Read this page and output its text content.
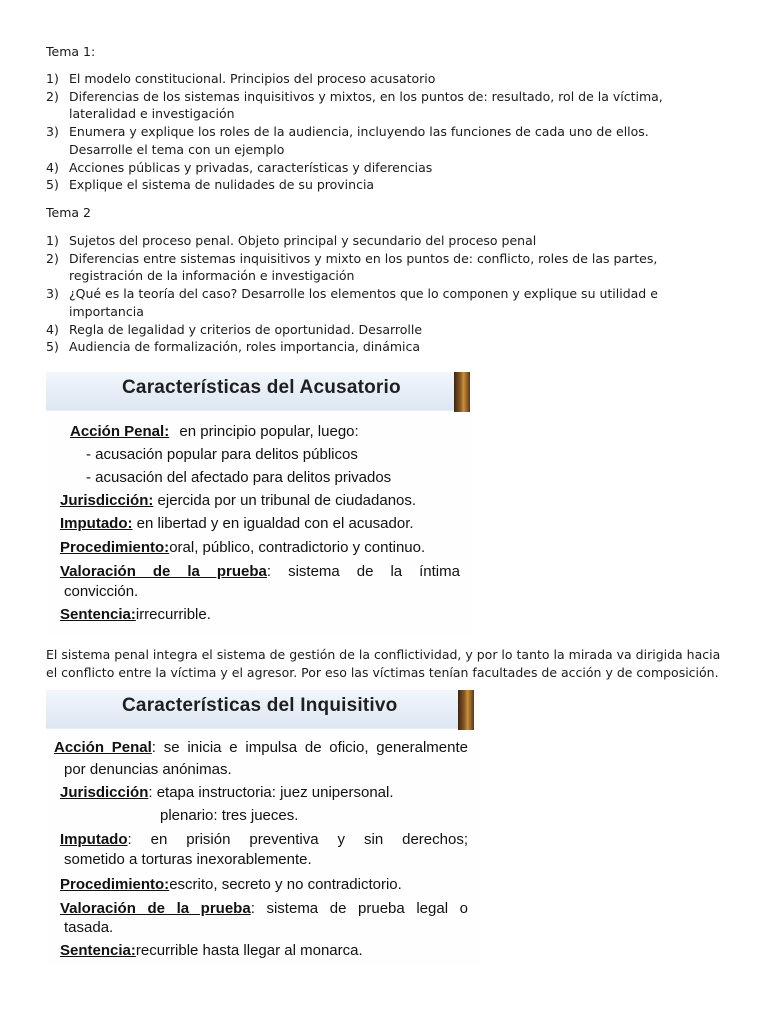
Tema 1:
1) El modelo constitucional. Principios del proceso acusatorio
2) Diferencias de los sistemas inquisitivos y mixtos, en los puntos de: resultado, rol de la víctima, lateralidad e investigación
3) Enumera y explique los roles de la audiencia, incluyendo las funciones de cada uno de ellos. Desarrolle el tema con un ejemplo
4) Acciones públicas y privadas, características y diferencias
5) Explique el sistema de nulidades de su provincia
Tema 2
1) Sujetos del proceso penal. Objeto principal y secundario del proceso penal
2) Diferencias entre sistemas inquisitivos y mixto en los puntos de: conflicto, roles de las partes, registración de la información e investigación
3) ¿Qué es la teoría del caso? Desarrolle los elementos que lo componen y explique su utilidad e importancia
4) Regla de legalidad y criterios de oportunidad. Desarrolle
5) Audiencia de formalización, roles importancia, dinámica
Características del Acusatorio
Acción Penal: en principio popular, luego:
- acusación popular para delitos públicos
- acusación del afectado para delitos privados
Jurisdicción: ejercida por un tribunal de ciudadanos.
Imputado: en libertad y en igualdad con el acusador.
Procedimiento:oral, público, contradictorio y continuo.
Valoración de la prueba: sistema de la íntima
convicción.
Sentencia:irrecurrible.
El sistema penal integra el sistema de gestión de la conflictividad, y por lo tanto la mirada va dirigida hacia el conflicto entre la víctima y el agresor. Por eso las víctimas tenían facultades de acción y de composición.
Características del Inquisitivo
Acción Penal: se inicia e impulsa de oficio, generalmente
por denuncias anónimas.
Jurisdicción: etapa instructoria: juez unipersonal.
plenario: tres jueces.
Imputado: en prisión preventiva y sin derechos;
sometido a torturas inexorablemente.
Procedimiento:escrito, secreto y no contradictorio.
Valoración de la prueba: sistema de prueba legal o
tasada.
Sentencia:recurrible hasta llegar al monarca.
